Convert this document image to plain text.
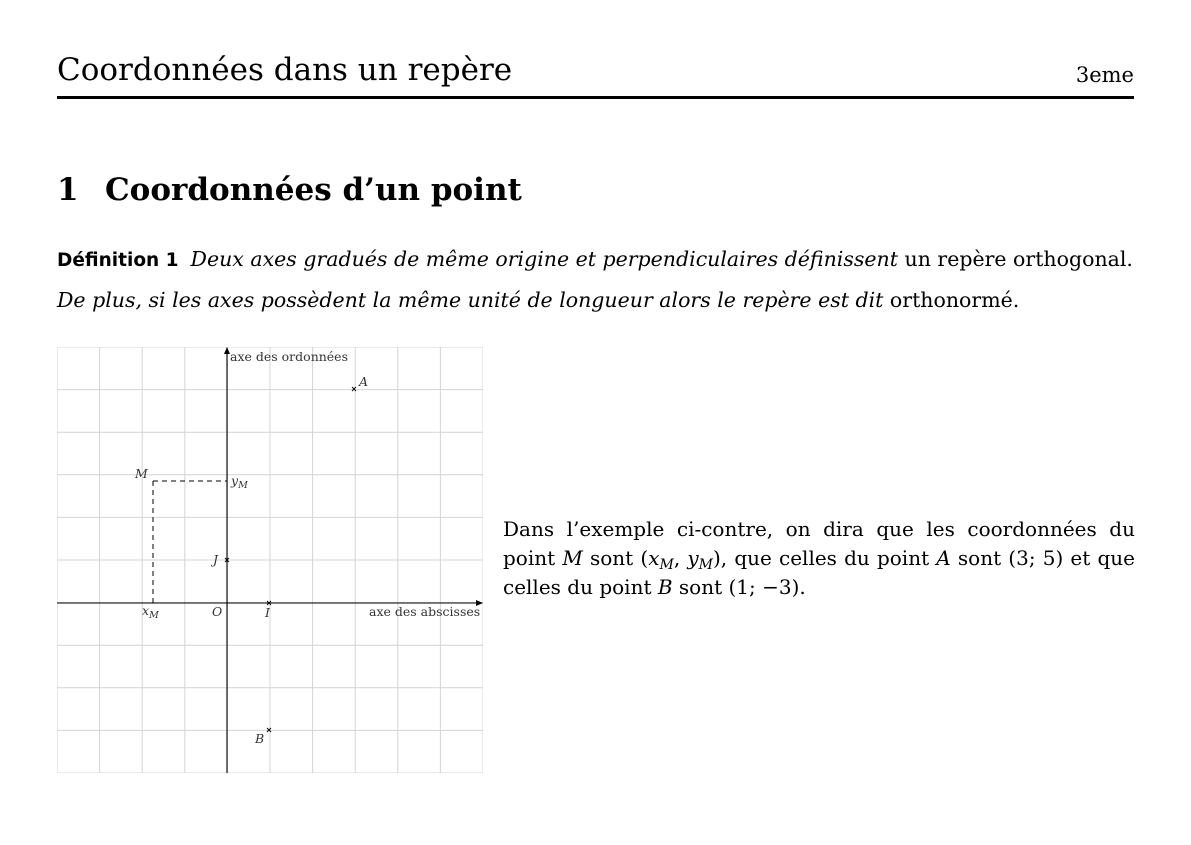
Coordonnées dans un repère	3eme
1 Coordonnées d’un point
Définition 1 Deux axes gradués de même origine et perpendiculaires définissent un repère orthogonal.
De plus, si les axes possèdent la même unité de longueur alors le repère est dit orthonormé.
axe des ordonnées
axe des abscisses
O	I
J
A
B
M
$x_M$
$y_M$
Dans l’exemple ci-contre, on dira que les coordonnées du point M sont ($x_M$, $y_M$), que celles du point A sont (3; 5) et que celles du point B sont (1; −3).
